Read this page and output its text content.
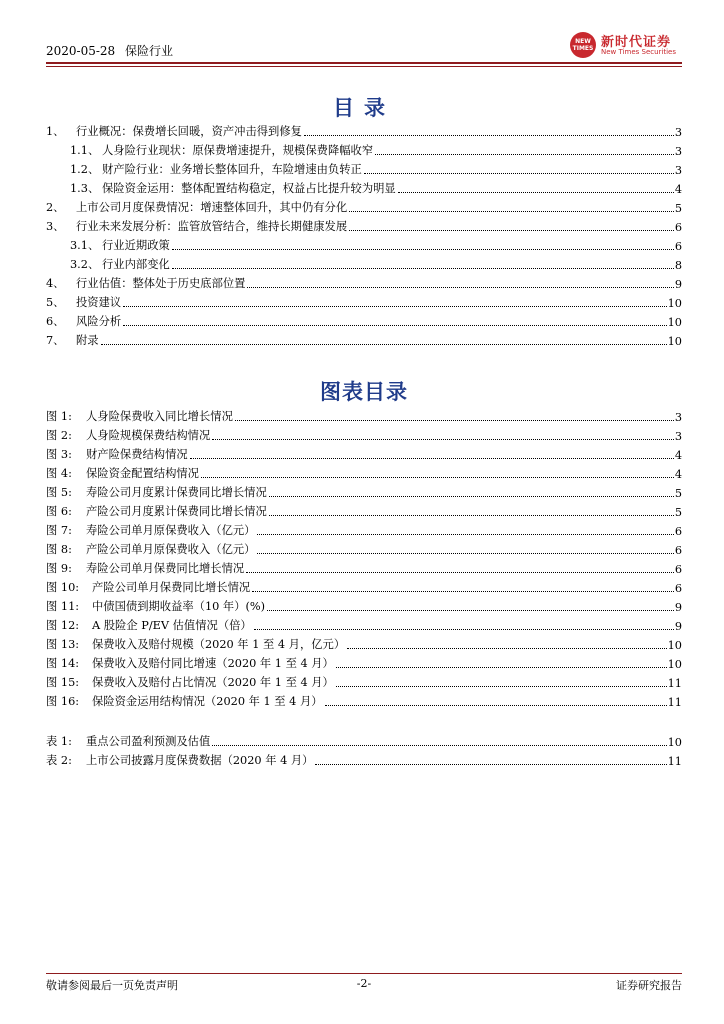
2020-05-28 保险行业
NEW
TIMES 新时代证券
New Times Securities
目录
1、	行业概况：保费增长回暖，资产冲击得到修复	3
1.1、 人身险行业现状：原保费增速提升，规模保费降幅收窄	3
1.2、 财产险行业：业务增长整体回升，车险增速由负转正	3
1.3、 保险资金运用：整体配置结构稳定，权益占比提升较为明显	4
2、	上市公司月度保费情况：增速整体回升，其中仍有分化	5
3、	行业未来发展分析：监管放管结合，维持长期健康发展	6
3.1、 行业近期政策	6
3.2、 行业内部变化	8
4、	行业估值：整体处于历史底部位置	9
5、	投资建议	10
6、	风险分析	10
7、	附录	10
图表目录
图 1:	人身险保费收入同比增长情况	3
图 2:	人身险规模保费结构情况	3
图 3:	财产险保费结构情况	4
图 4:	保险资金配置结构情况	4
图 5:	寿险公司月度累计保费同比增长情况	5
图 6:	产险公司月度累计保费同比增长情况	5
图 7:	寿险公司单月原保费收入（亿元）	6
图 8:	产险公司单月原保费收入（亿元）	6
图 9:	寿险公司单月保费同比增长情况	6
图 10:	产险公司单月保费同比增长情况	6
图 11:	中债国债到期收益率（10 年）(%)	9
图 12:	A 股险企 P/EV 估值情况（倍）	9
图 13:	保费收入及赔付规模（2020 年 1 至 4 月，亿元）	10
图 14:	保费收入及赔付同比增速（2020 年 1 至 4 月）	10
图 15:	保费收入及赔付占比情况（2020 年 1 至 4 月）	11
图 16:	保险资金运用结构情况（2020 年 1 至 4 月）	11
表 1:	重点公司盈利预测及估值	10
表 2:	上市公司披露月度保费数据（2020 年 4 月）	11
敬请参阅最后一页免责声明	-2-	证券研究报告
